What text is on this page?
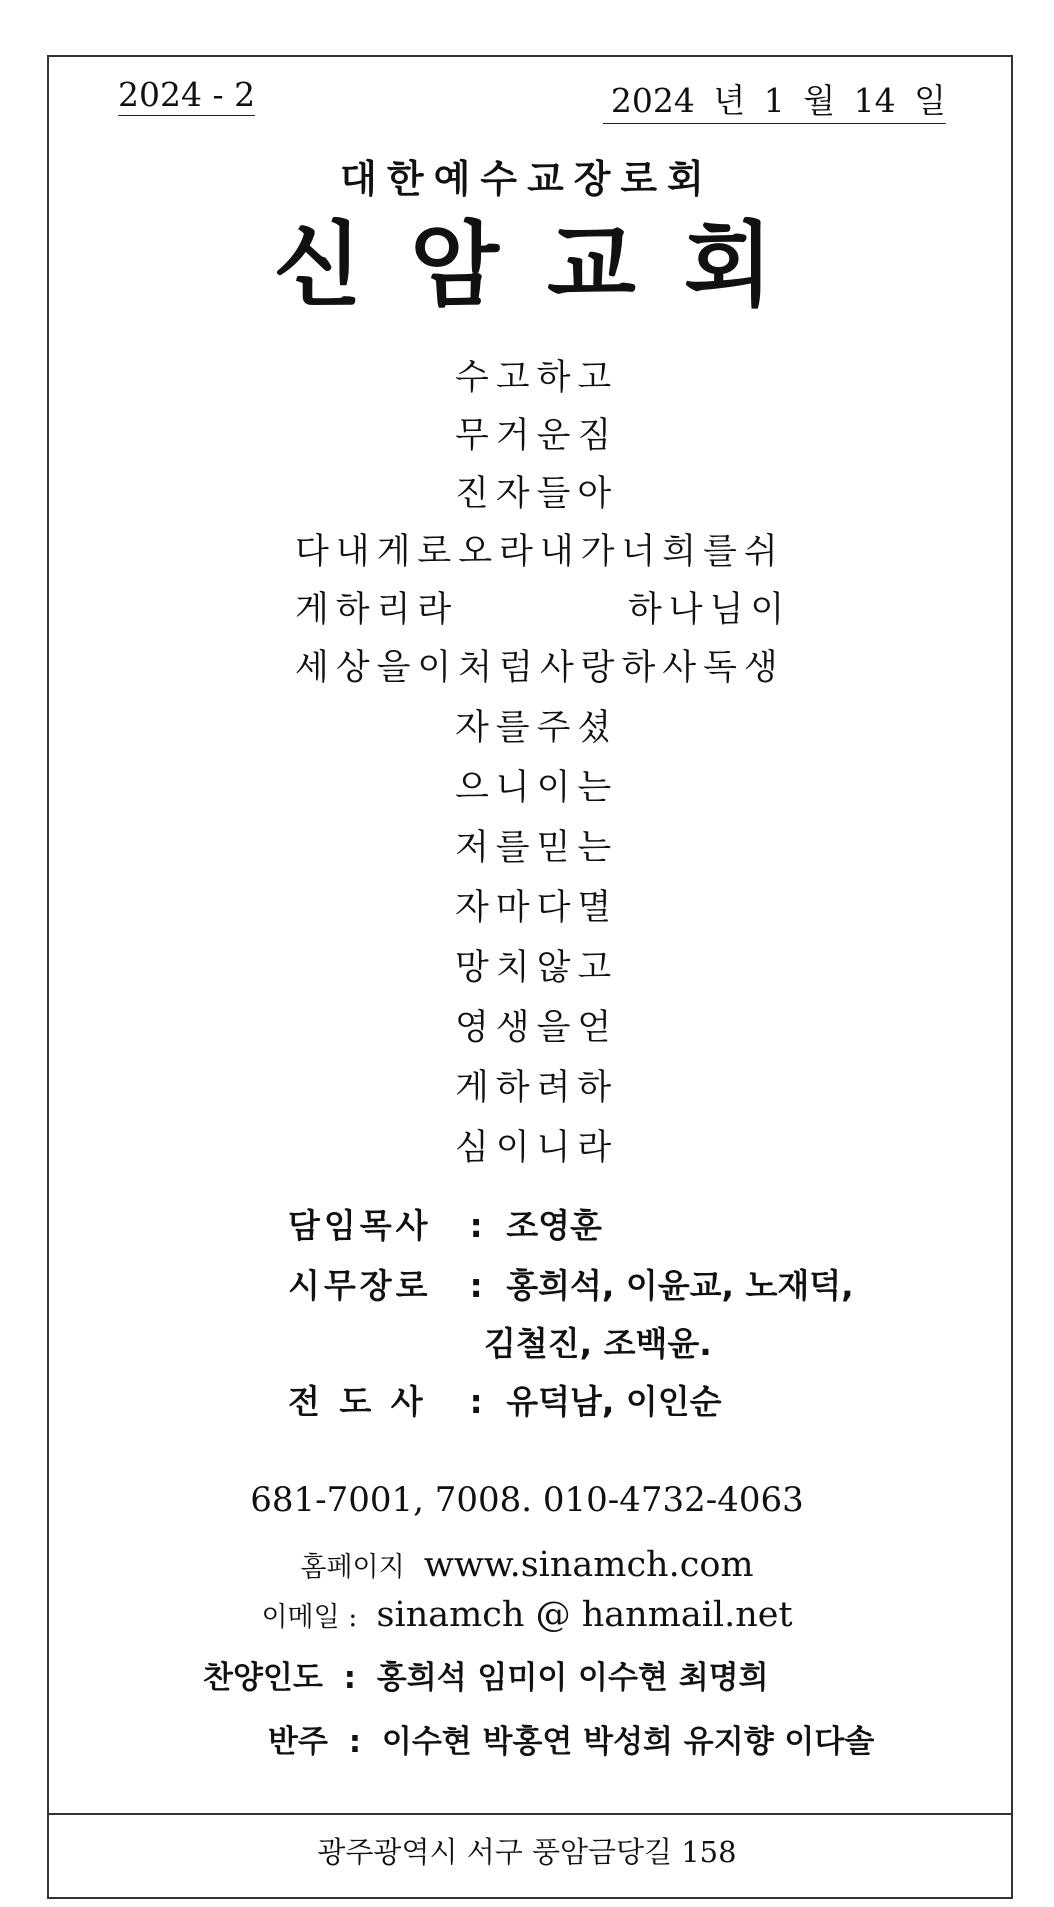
2024 - 2	2024 년 1 월 14 일
대한예수교장로회
신암교회
수고하고
무거운짐
진자들아
다내게로오라내가너희를쉬
게하리라	하나님이
세상을이처럼사랑하사독생
자를주셨
으니이는
저를믿는
자마다멸
망치않고
영생을얻
게하려하
심이니라
담임목사 : 조영훈
시무장로 : 홍희석, 이윤교, 노재덕,
김철진, 조백윤.
전 도 사 : 유덕남, 이인순
681-7001, 7008. 010-4732-4063
홈페이지 www.sinamch.com
이메일 : sinamch @ hanmail.net
찬양인도 : 홍희석 임미이 이수현 최명희
반주 : 이수현 박홍연 박성희 유지향 이다솔
광주광역시 서구 풍암금당길 158
